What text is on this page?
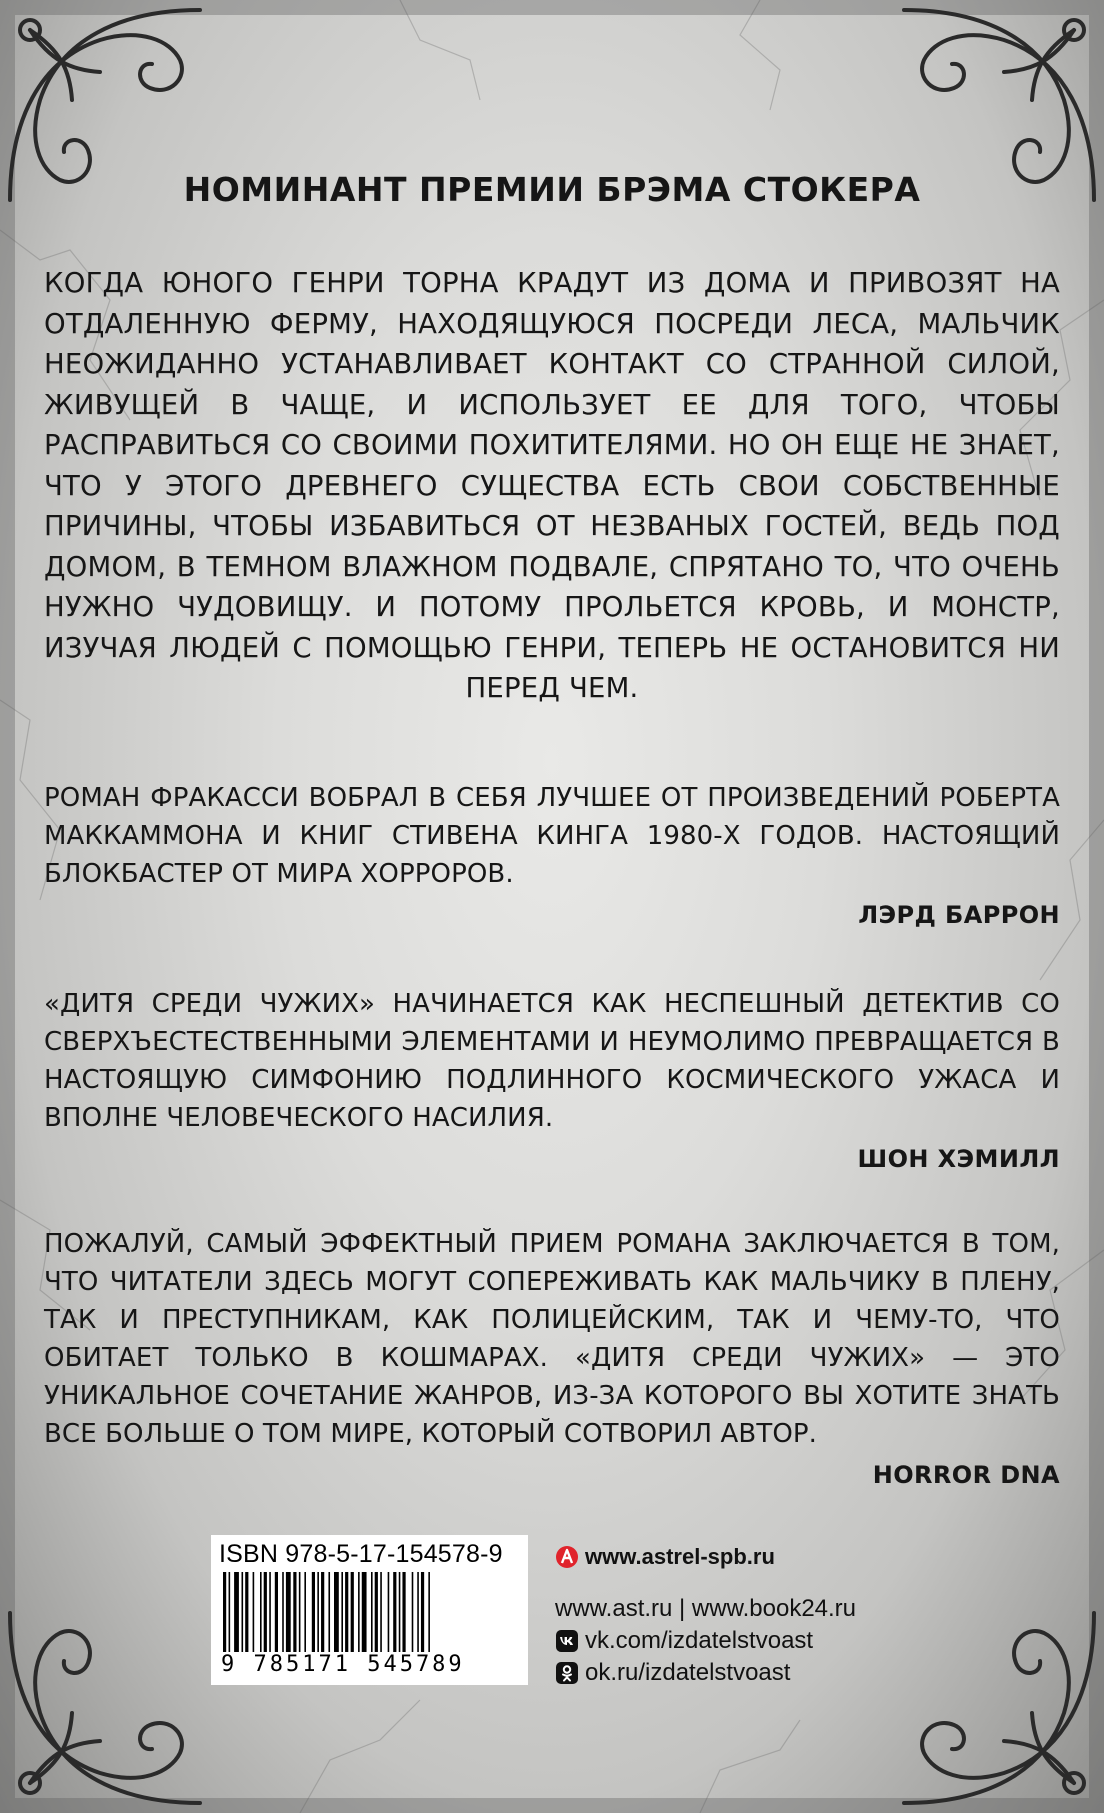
НОМИНАНТ ПРЕМИИ БРЭМА СТОКЕРА

КОГДА ЮНОГО ГЕНРИ ТОРНА КРАДУТ ИЗ ДОМА И ПРИВОЗЯТ НА ОТДАЛЕННУЮ ФЕРМУ, НАХОДЯЩУЮСЯ ПОСРЕДИ ЛЕСА, МАЛЬЧИК НЕОЖИДАННО УСТАНАВЛИВАЕТ КОНТАКТ СО СТРАННОЙ СИЛОЙ, ЖИВУЩЕЙ В ЧАЩЕ, И ИСПОЛЬЗУЕТ ЕЕ ДЛЯ ТОГО, ЧТОБЫ РАСПРАВИТЬСЯ СО СВОИМИ ПОХИТИТЕЛЯМИ. НО ОН ЕЩЕ НЕ ЗНАЕТ, ЧТО У ЭТОГО ДРЕВНЕГО СУЩЕСТВА ЕСТЬ СВОИ СОБСТВЕННЫЕ ПРИЧИНЫ, ЧТОБЫ ИЗБАВИТЬСЯ ОТ НЕЗВАНЫХ ГОСТЕЙ, ВЕДЬ ПОД ДОМОМ, В ТЕМНОМ ВЛАЖНОМ ПОДВАЛЕ, СПРЯТАНО ТО, ЧТО ОЧЕНЬ НУЖНО ЧУДОВИЩУ. И ПОТОМУ ПРОЛЬЕТСЯ КРОВЬ, И МОНСТР, ИЗУЧАЯ ЛЮДЕЙ С ПОМОЩЬЮ ГЕНРИ, ТЕПЕРЬ НЕ ОСТАНОВИТСЯ НИ ПЕРЕД ЧЕМ.

РОМАН ФРАКАССИ ВОБРАЛ В СЕБЯ ЛУЧШЕЕ ОТ ПРОИЗВЕДЕНИЙ РОБЕРТА МАККАММОНА И КНИГ СТИВЕНА КИНГА 1980-Х ГОДОВ. НАСТОЯЩИЙ БЛОКБАСТЕР ОТ МИРА ХОРРОРОВ.

ЛЭРД БАРРОН

«ДИТЯ СРЕДИ ЧУЖИХ» НАЧИНАЕТСЯ КАК НЕСПЕШНЫЙ ДЕТЕКТИВ СО СВЕРХЪЕСТЕСТВЕННЫМИ ЭЛЕМЕНТАМИ И НЕУМОЛИМО ПРЕВРАЩАЕТСЯ В НАСТОЯЩУЮ СИМФОНИЮ ПОДЛИННОГО КОСМИЧЕСКОГО УЖАСА И ВПОЛНЕ ЧЕЛОВЕЧЕСКОГО НАСИЛИЯ.

ШОН ХЭМИЛЛ

ПОЖАЛУЙ, САМЫЙ ЭФФЕКТНЫЙ ПРИЕМ РОМАНА ЗАКЛЮЧАЕТСЯ В ТОМ, ЧТО ЧИТАТЕЛИ ЗДЕСЬ МОГУТ СОПЕРЕЖИВАТЬ КАК МАЛЬЧИКУ В ПЛЕНУ, ТАК И ПРЕСТУПНИКАМ, КАК ПОЛИЦЕЙСКИМ, ТАК И ЧЕМУ-ТО, ЧТО ОБИТАЕТ ТОЛЬКО В КОШМАРАХ. «ДИТЯ СРЕДИ ЧУЖИХ» — ЭТО УНИКАЛЬНОЕ СОЧЕТАНИЕ ЖАНРОВ, ИЗ-ЗА КОТОРОГО ВЫ ХОТИТЕ ЗНАТЬ ВСЕ БОЛЬШЕ О ТОМ МИРЕ, КОТОРЫЙ СОТВОРИЛ АВТОР.

HORROR DNA
ISBN 978-5-17-154578-9
9 785171 545789
www.astrel-spb.ru
www.ast.ru | www.book24.ru
vk.com/izdatelstvoast
ok.ru/izdatelstvoast
